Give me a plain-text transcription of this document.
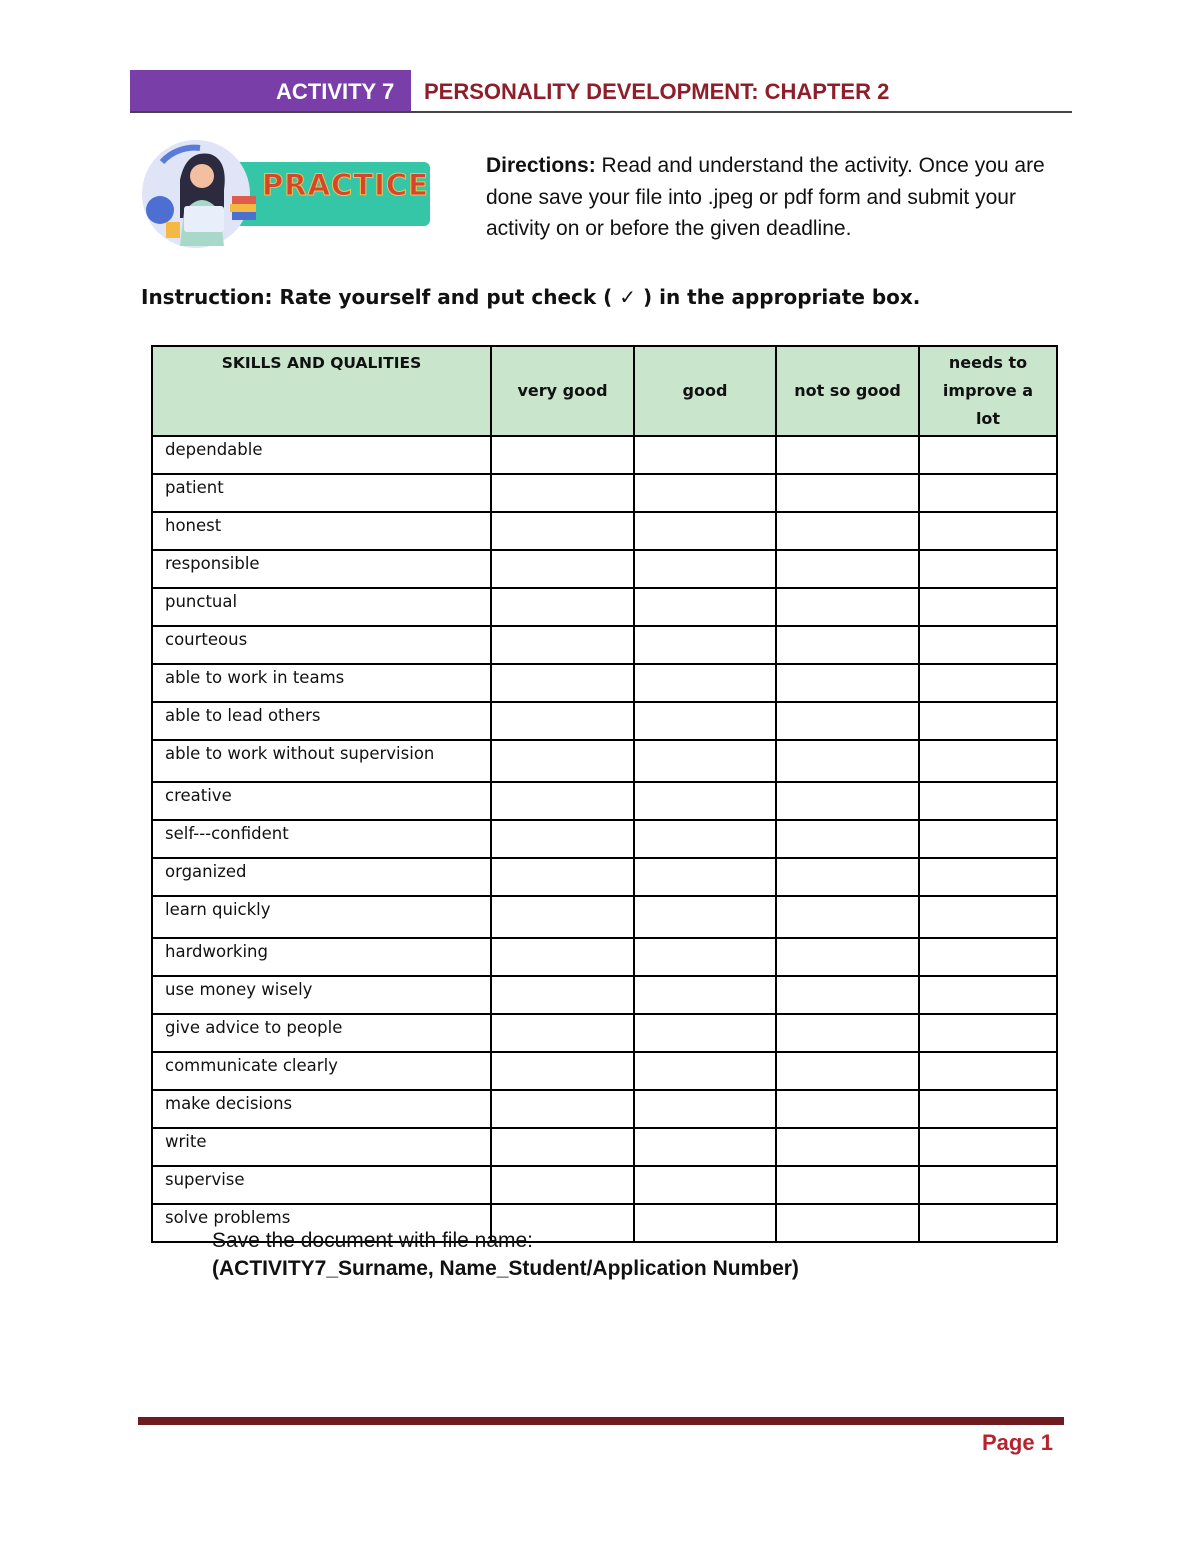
ACTIVITY 7	PERSONALITY DEVELOPMENT: CHAPTER 2
PRACTICE
Directions: Read and understand the activity. Once you are done save your file into .jpeg or pdf form and submit your activity on or before the given deadline.
Instruction: Rate yourself and put check ( ✓ ) in the appropriate box.
SKILLS AND QUALITIES	very good	good	not so good	needs to improve a lot

dependable				
patient				
honest				
responsible				
punctual				
courteous				
able to work in teams				
able to lead others				
able to work without supervision				
creative				
self---confident				
organized				
learn quickly				
hardworking				
use money wisely				
give advice to people				
communicate clearly				
make decisions				
write				
supervise				
solve problems				
Save the document with file name:
(ACTIVITY7_Surname, Name_Student/Application Number)
Page 1
